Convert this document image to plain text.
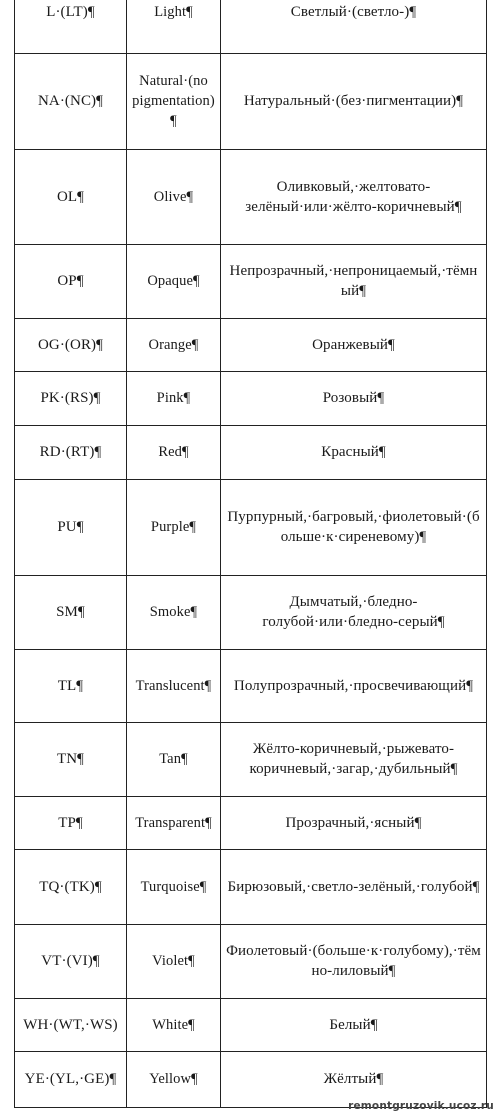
L·(LT)¶	Light¶	Светлый·(светло-)¶
NA·(NC)¶	Natural·(no pigmentation)¶	Натуральный·(без·пигментации)¶
OL¶	Olive¶	Оливковый,·желтовато-зелёный·или·жёлто-коричневый¶
OP¶	Opaque¶	Непрозрачный,·непроницаемый,·тёмный¶
OG·(OR)¶	Orange¶	Оранжевый¶
PK·(RS)¶	Pink¶	Розовый¶
RD·(RT)¶	Red¶	Красный¶
PU¶	Purple¶	Пурпурный,·багровый,·фиолетовый·(больше·к·сиреневому)¶
SM¶	Smoke¶	Дымчатый,·бледно-голубой·или·бледно-серый¶
TL¶	Translucent¶	Полупрозрачный,·просвечивающий¶
TN¶	Tan¶	Жёлто-коричневый,·рыжевато-коричневый,·загар,·дубильный¶
TP¶	Transparent¶	Прозрачный,·ясный¶
TQ·(TK)¶	Turquoise¶	Бирюзовый,·светло-зелёный,·голубой¶
VT·(VI)¶	Violet¶	Фиолетовый·(больше·к·голубому),·тёмно-лиловый¶
WH·(WT,·WS)	White¶	Белый¶
YE·(YL,·GE)¶	Yellow¶	Жёлтый¶
remontgruzovik.ucoz.ru
